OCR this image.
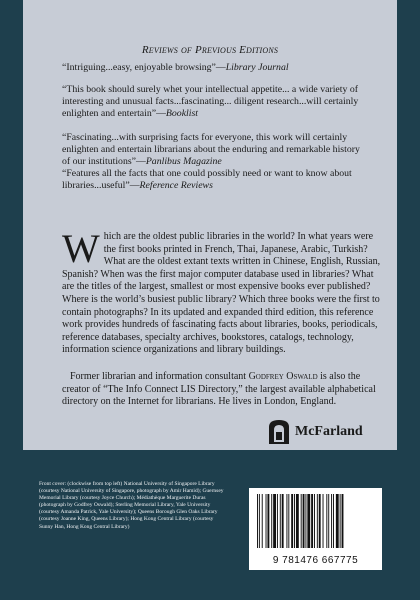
Reviews of Previous Editions
“Intriguing...easy, enjoyable browsing”—Library Journal
“This book should surely whet your intellectual appetite... a wide variety of interesting and unusual facts...fascinating... diligent research...will certainly enlighten and entertain”—Booklist
“Fascinating...with surprising facts for everyone, this work will certainly enlighten and entertain librarians about the enduring and remarkable history of our institutions”—Panlibus Magazine
“Features all the facts that one could possibly need or want to know about libraries...useful”—Reference Reviews
Which are the oldest public libraries in the world? In what years were the first books printed in French, Thai, Japanese, Arabic, Turkish? What are the oldest extant texts written in Chinese, English, Russian, Spanish? When was the first major computer database used in libraries? What are the titles of the largest, smallest or most expensive books ever published? Where is the world’s busiest public library? Which three books were the first to contain photographs? In its updated and expanded third edition, this reference work provides hundreds of fascinating facts about libraries, books, periodicals, reference databases, specialty archives, bookstores, catalogs, technology, information science organizations and library buildings.
Former librarian and information consultant Godfrey Oswald is also the creator of “The Info Connect LIS Directory,” the largest available alphabetical directory on the Internet for librarians. He lives in London, England.
McFarland
Front cover: (clockwise from top left) National University of Singapore Library (courtesy National University of Singapore, photograph by Amir Hamid); Guernsey Memorial Library (courtesy Joyce Church); Médiathèque Marguerite Duras (photograph by Godfrey Oswald); Sterling Memorial Library, Yale University (courtesy Amanda Patrick, Yale University); Queens Borough Glen Oaks Library (courtesy Joanne King, Queens Library); Hong Kong Central Library (courtesy Sunny Han, Hong Kong Central Library)
9 781476 667775
